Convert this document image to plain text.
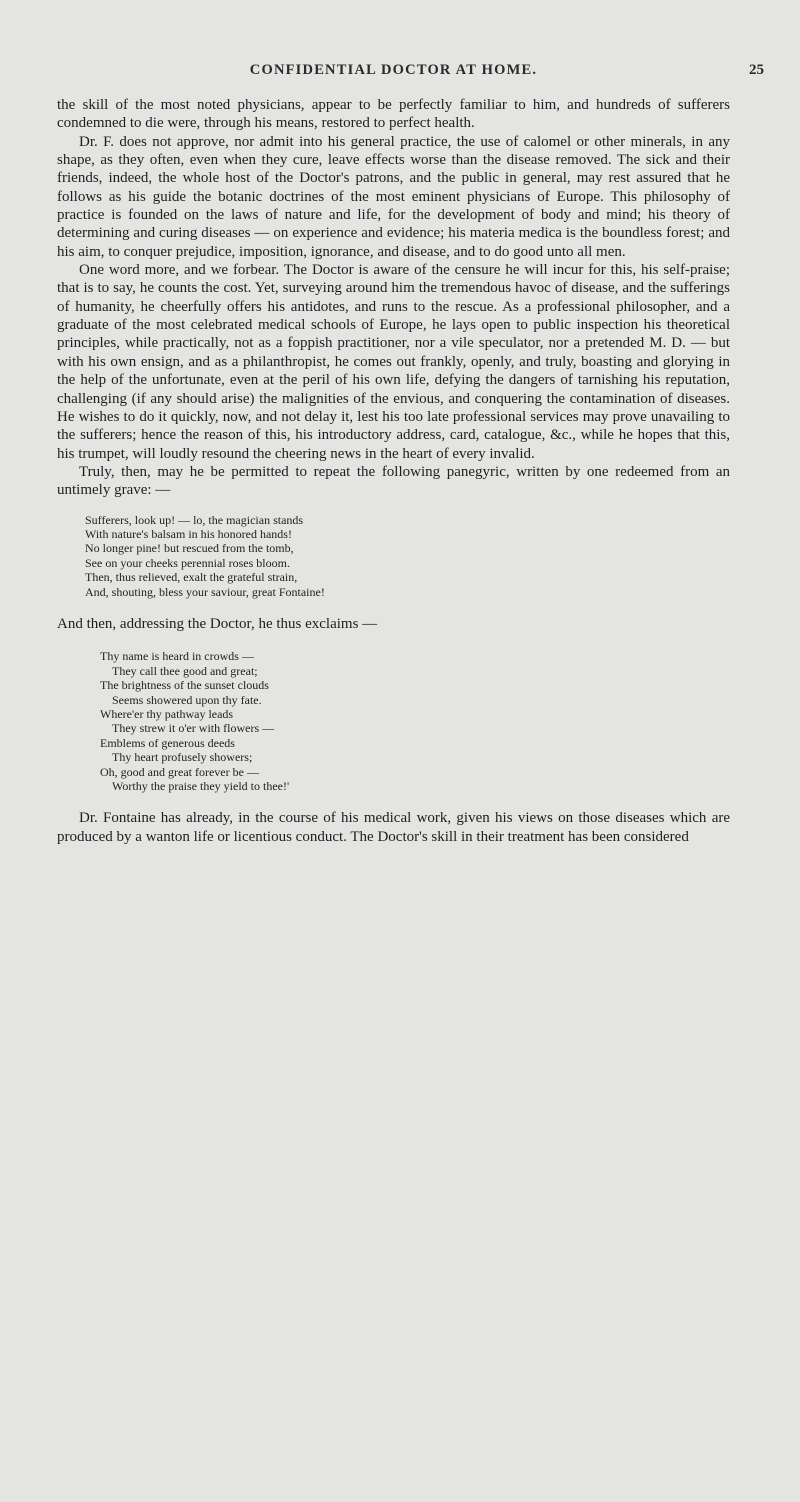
CONFIDENTIAL DOCTOR AT HOME.	25

the skill of the most noted physicians, appear to be perfectly familiar to him, and hundreds of sufferers condemned to die were, through his means, restored to perfect health.

Dr. F. does not approve, nor admit into his general practice, the use of calomel or other minerals, in any shape, as they often, even when they cure, leave effects worse than the disease removed. The sick and their friends, indeed, the whole host of the Doctor's patrons, and the public in general, may rest assured that he follows as his guide the botanic doctrines of the most eminent physicians of Europe. This philosophy of practice is founded on the laws of nature and life, for the development of body and mind; his theory of determining and curing diseases — on experience and evidence; his materia medica is the boundless forest; and his aim, to conquer prejudice, imposition, ignorance, and disease, and to do good unto all men.

One word more, and we forbear. The Doctor is aware of the censure he will incur for this, his self-praise; that is to say, he counts the cost. Yet, surveying around him the tremendous havoc of disease, and the sufferings of humanity, he cheerfully offers his antidotes, and runs to the rescue. As a professional philosopher, and a graduate of the most celebrated medical schools of Europe, he lays open to public inspection his theoretical principles, while practically, not as a foppish practitioner, nor a vile speculator, nor a pretended M. D. — but with his own ensign, and as a philanthropist, he comes out frankly, openly, and truly, boasting and glorying in the help of the unfortunate, even at the peril of his own life, defying the dangers of tarnishing his reputation, challenging (if any should arise) the malignities of the envious, and conquering the contamination of diseases. He wishes to do it quickly, now, and not delay it, lest his too late professional services may prove unavailing to the sufferers; hence the reason of this, his introductory address, card, catalogue, &c., while he hopes that this, his trumpet, will loudly resound the cheering news in the heart of every invalid.

Truly, then, may he be permitted to repeat the following panegyric, written by one redeemed from an untimely grave: —

Sufferers, look up! — lo, the magician stands
With nature's balsam in his honored hands!
No longer pine! but rescued from the tomb,
See on your cheeks perennial roses bloom.
Then, thus relieved, exalt the grateful strain,
And, shouting, bless your saviour, great Fontaine!

And then, addressing the Doctor, he thus exclaims —

Thy name is heard in crowds —
They call thee good and great;
The brightness of the sunset clouds
Seems showered upon thy fate.
Where'er thy pathway leads
They strew it o'er with flowers —
Emblems of generous deeds
Thy heart profusely showers;
Oh, good and great forever be —
Worthy the praise they yield to thee!'

Dr. Fontaine has already, in the course of his medical work, given his views on those diseases which are produced by a wanton life or licentious conduct. The Doctor's skill in their treatment has been considered
